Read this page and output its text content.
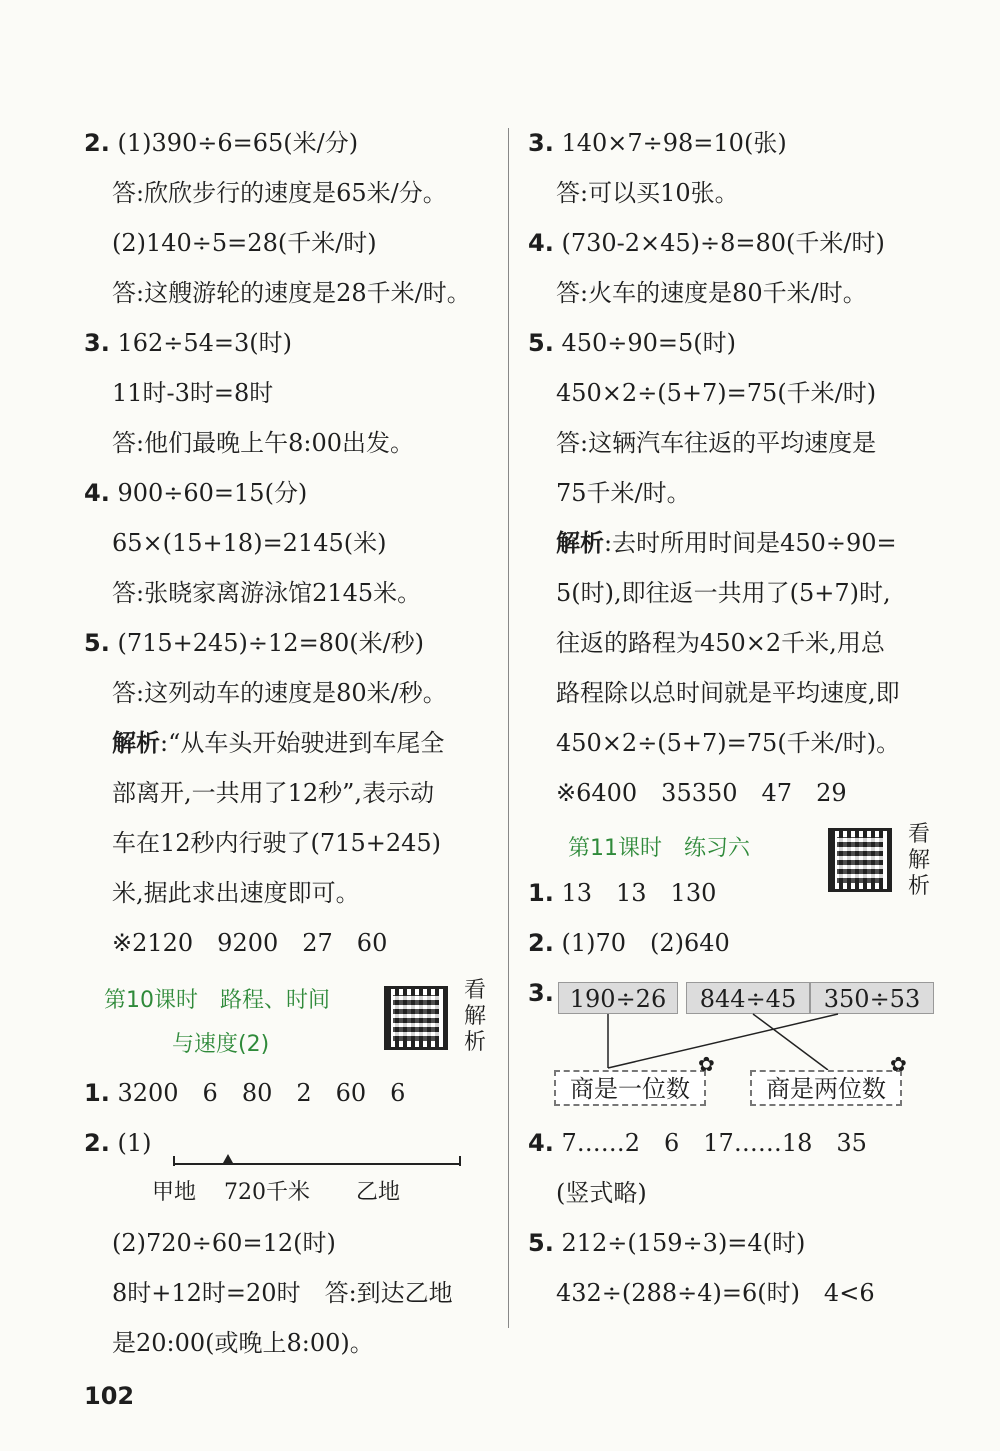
2. (1)390÷6=65(米/分)
答:欣欣步行的速度是65米/分。
(2)140÷5=28(千米/时)
答:这艘游轮的速度是28千米/时。
3. 162÷54=3(时)
11时-3时=8时
答:他们最晚上午8:00出发。
4. 900÷60=15(分)
65×(15+18)=2145(米)
答:张晓家离游泳馆2145米。
5. (715+245)÷12=80(米/秒)
答:这列动车的速度是80米/秒。
解析:“从车头开始驶进到车尾全
部离开,一共用了12秒”,表示动
车在12秒内行驶了(715+245)
米,据此求出速度即可。
※2120　9200　27　60
第10课时　路程、时间
与速度(2)
看解析
1. 3200　6　80　2　60　6
2. (1)
甲地 720千米 乙地
(2)720÷60=12(时)
8时+12时=20时　答:到达乙地
是20:00(或晚上8:00)。
3. 140×7÷98=10(张)
答:可以买10张。
4. (730-2×45)÷8=80(千米/时)
答:火车的速度是80千米/时。
5. 450÷90=5(时)
450×2÷(5+7)=75(千米/时)
答:这辆汽车往返的平均速度是
75千米/时。
解析:去时所用时间是450÷90=
5(时),即往返一共用了(5+7)时,
往返的路程为450×2千米,用总
路程除以总时间就是平均速度,即
450×2÷(5+7)=75(千米/时)。
※6400　35350　47　29
第11课时　练习六
看解析
1. 13　13　130
2. (1)70　(2)640
3. 190÷26	844÷45	350÷53
商是一位数	商是两位数
✿	✿
4. 7……2　6　17……18　35
(竖式略)
5. 212÷(159÷3)=4(时)
432÷(288÷4)=6(时)　4<6
102
